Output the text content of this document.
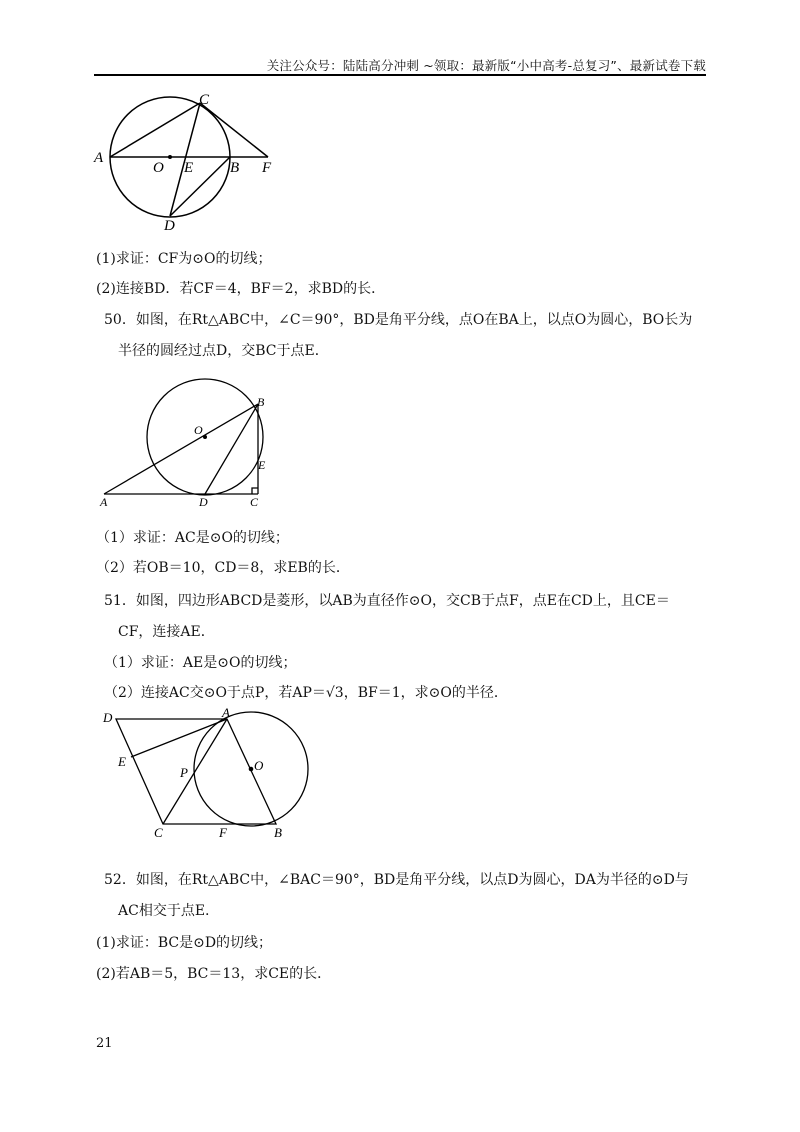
关注公众号：陆陆高分冲刺 ~领取：最新版“小中高考-总复习”、最新试卷下载
A
O E B F
C
D
(1)求证：CF为⊙O的切线；
(2)连接BD．若CF＝4，BF＝2，求BD的长．
50．如图，在Rt△ABC中，∠C＝90°，BD是角平分线，点O在BA上，以点O为圆心，BO长为
半径的圆经过点D，交BC于点E．
B
O
E
A	D	C
（1）求证：AC是⊙O的切线；
（2）若OB＝10，CD＝8，求EB的长．
51．如图，四边形ABCD是菱形，以AB为直径作⊙O，交CB于点F，点E在CD上，且CE＝
CF，连接AE．
（1）求证：AE是⊙O的切线；
（2）连接AC交⊙O于点P，若AP＝√3，BF＝1，求⊙O的半径．
D	A
E
P	O
C	F	B
52．如图，在Rt△ABC中，∠BAC＝90°，BD是角平分线，以点D为圆心，DA为半径的⊙D与
AC相交于点E.
(1)求证：BC是⊙D的切线；
(2)若AB＝5，BC＝13，求CE的长．
21
